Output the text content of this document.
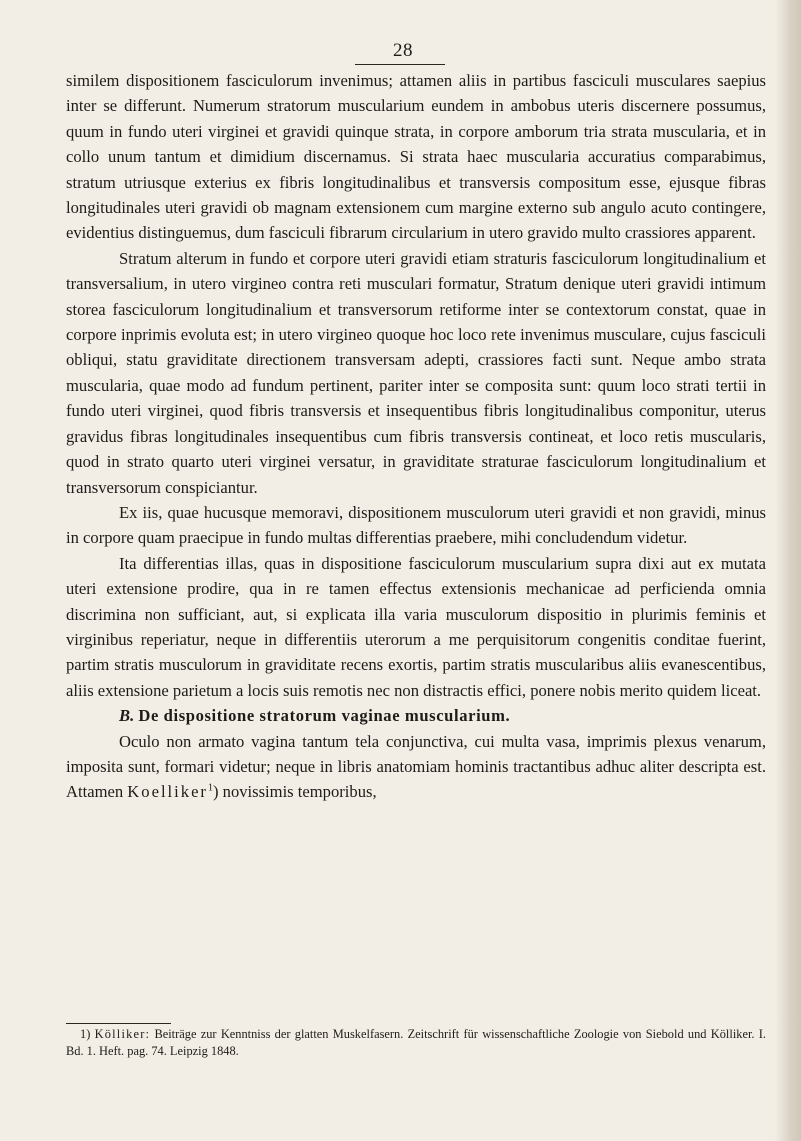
28

similem dispositionem fasciculorum invenimus; attamen aliis in partibus fasciculi musculares saepius inter se differunt. Numerum stratorum muscularium eundem in ambobus uteris discernere possumus, quum in fundo uteri virginei et gravidi quinque strata, in corpore amborum tria strata muscularia, et in collo unum tantum et dimidium discernamus. Si strata haec muscularia accuratius comparabimus, stratum utriusque exterius ex fibris longitudinalibus et transversis compositum esse, ejusque fibras longitudinales uteri gravidi ob magnam extensionem cum margine externo sub angulo acuto contingere, evidentius distinguemus, dum fasciculi fibrarum circularium in utero gravido multo crassiores apparent.

Stratum alterum in fundo et corpore uteri gravidi etiam straturis fasciculorum longitudinalium et transversalium, in utero virgineo contra reti musculari formatur, Stratum denique uteri gravidi intimum storea fasciculorum longitudinalium et transversorum retiforme inter se contextorum constat, quae in corpore inprimis evoluta est; in utero virgineo quoque hoc loco rete invenimus musculare, cujus fasciculi obliqui, statu graviditate directionem transversam adepti, crassiores facti sunt. Neque ambo strata muscularia, quae modo ad fundum pertinent, pariter inter se composita sunt: quum loco strati tertii in fundo uteri virginei, quod fibris transversis et insequentibus fibris longitudinalibus componitur, uterus gravidus fibras longitudinales insequentibus cum fibris transversis contineat, et loco retis muscularis, quod in strato quarto uteri virginei versatur, in graviditate straturae fasciculorum longitudinalium et transversorum conspiciantur.

Ex iis, quae hucusque memoravi, dispositionem musculorum uteri gravidi et non gravidi, minus in corpore quam praecipue in fundo multas differentias praebere, mihi concludendum videtur.

Ita differentias illas, quas in dispositione fasciculorum muscularium supra dixi aut ex mutata uteri extensione prodire, qua in re tamen effectus extensionis mechanicae ad perficienda omnia discrimina non sufficiant, aut, si explicata illa varia musculorum dispositio in plurimis feminis et virginibus reperiatur, neque in differentiis uterorum a me perquisitorum congenitis conditae fuerint, partim stratis musculorum in graviditate recens exortis, partim stratis muscularibus aliis evanescentibus, aliis extensione parietum a locis suis remotis nec non distractis effici, ponere nobis merito quidem liceat.

B. De dispositione stratorum vaginae muscularium.

Oculo non armato vagina tantum tela conjunctiva, cui multa vasa, imprimis plexus venarum, imposita sunt, formari videtur; neque in libris anatomiam hominis tractantibus adhuc aliter descripta est. Attamen Koelliker$^1$) novissimis temporibus,

1) Kölliker: Beiträge zur Kenntniss der glatten Muskelfasern. Zeitschrift für wissenschaftliche Zoologie von Siebold und Kölliker. I. Bd. 1. Heft. pag. 74. Leipzig 1848.
